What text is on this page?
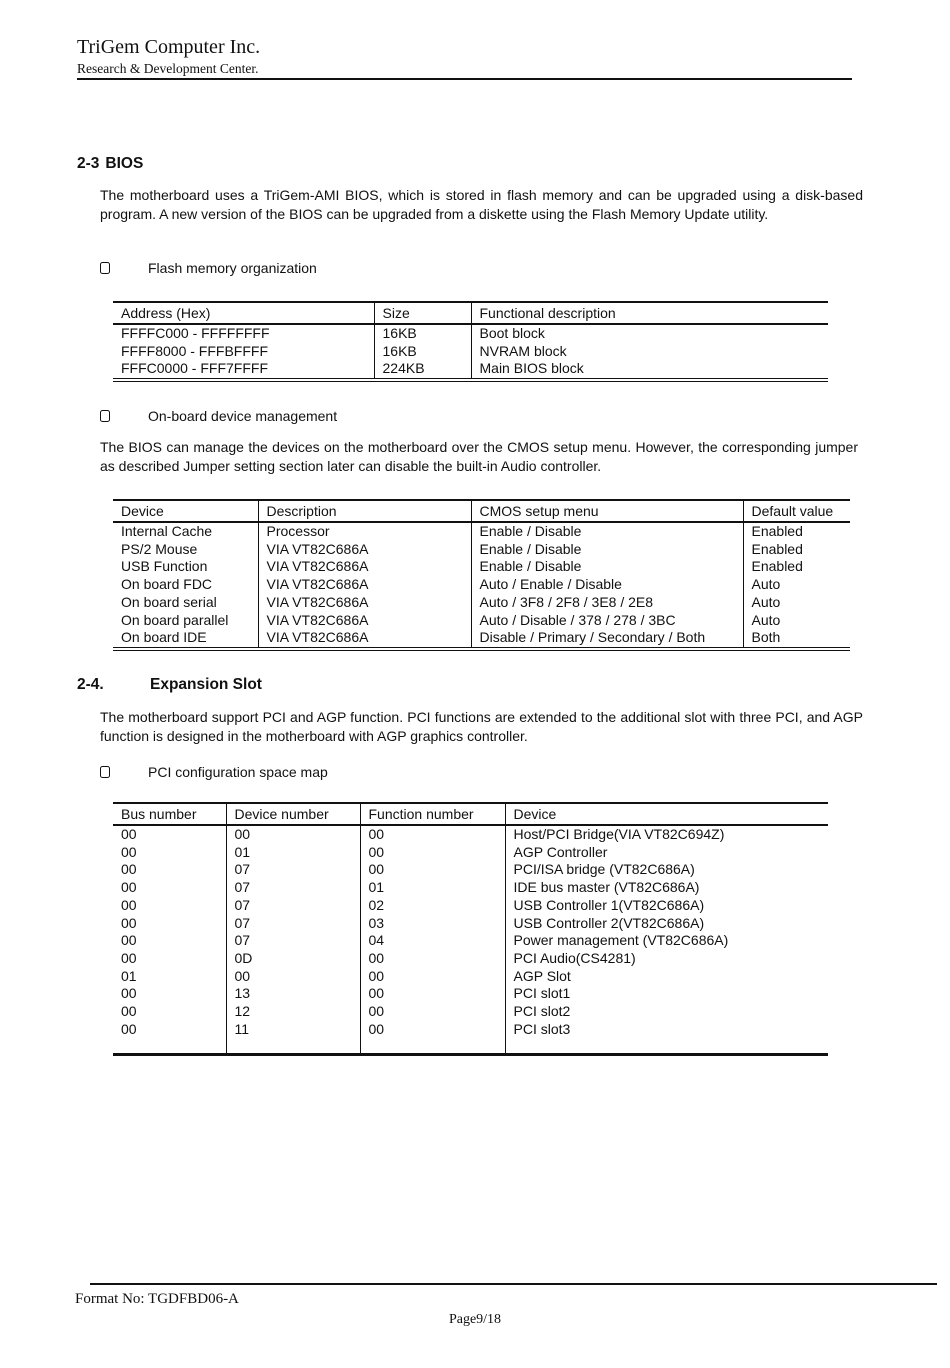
TriGem Computer Inc.
Research & Development Center.
2-3 BIOS
The motherboard uses a TriGem-AMI BIOS, which is stored in flash memory and can be upgraded using a disk-based program. A new version of the BIOS can be upgraded from a diskette using the Flash Memory Update utility.
Flash memory organization
Address (Hex)	Size	Functional description
FFFFC000 - FFFFFFFF	16KB	Boot block
FFFF8000 - FFFBFFFF	16KB	NVRAM block
FFFC0000 - FFF7FFFF	224KB	Main BIOS block
On-board device management
The BIOS can manage the devices on the motherboard over the CMOS setup menu. However, the corresponding jumper as described Jumper setting section later can disable the built-in Audio controller.
Device	Description	CMOS setup menu	Default value
Internal Cache	Processor	Enable / Disable	Enabled
PS/2 Mouse	VIA VT82C686A	Enable / Disable	Enabled
USB Function	VIA VT82C686A	Enable / Disable	Enabled
On board FDC	VIA VT82C686A	Auto / Enable / Disable	Auto
On board serial	VIA VT82C686A	Auto / 3F8 / 2F8 / 3E8 / 2E8	Auto
On board parallel	VIA VT82C686A	Auto / Disable / 378 / 278 / 3BC	Auto
On board IDE	VIA VT82C686A	Disable / Primary / Secondary / Both	Both
2-4.	Expansion Slot
The motherboard support PCI and AGP function. PCI functions are extended to the additional slot with three PCI, and AGP function is designed in the motherboard with AGP graphics controller.
PCI configuration space map
Bus number	Device number	Function number	Device
00	00	00	Host/PCI Bridge(VIA VT82C694Z)
00	01	00	AGP Controller
00	07	00	PCI/ISA bridge (VT82C686A)
00	07	01	IDE bus master (VT82C686A)
00	07	02	USB Controller 1(VT82C686A)
00	07	03	USB Controller 2(VT82C686A)
00	07	04	Power management (VT82C686A)
00	0D	00	PCI Audio(CS4281)
01	00	00	AGP Slot
00	13	00	PCI slot1
00	12	00	PCI slot2
00	11	00	PCI slot3
Format No: TGDFBD06-A
Page9/18
